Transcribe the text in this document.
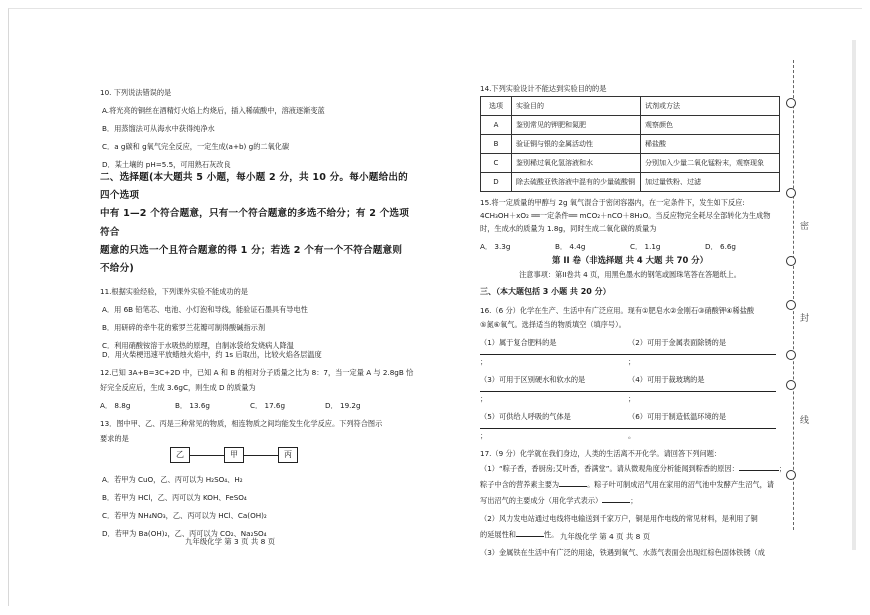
10. 下列说法错误的是
A.将光亮的铜丝在酒精灯火焰上灼烧后，插入稀硫酸中，溶液逐渐变蓝
B．用蒸馏法可从海水中获得纯净水
C．a g碳和 g氧气完全反应，一定生成(a+b) g的二氧化碳
D．某土壤的 pH=5.5，可用熟石灰改良
二、选择题(本大题共 5 小题，每小题 2 分，共 10 分。每小题给出的四个选项
中有 1—2 个符合题意，只有一个符合题意的多选不给分；有 2 个选项符合
题意的只选一个且符合题意的得 1 分；若选 2 个有一个不符合题意则不给分)
11.根据实验经验，下列课外实验不能成功的是
A．用 6B 铅笔芯、电池、小灯泡和导线，能验证石墨具有导电性
B．用研碎的牵牛花的紫罗兰花瓣可制得酸碱指示剂
C．利用硝酸铵溶于水吸热的原理，自制冰袋给发烧病人降温
D．用火柴梗迅速平放蜡烛火焰中，约 1s 后取出，比较火焰各层温度
12.已知 3A+B=3C+2D 中，已知 A 和 B 的相对分子质量之比为 8：7，当一定量 A 与 2.8gB 恰
好完全反应后，生成 3.6gC，则生成 D 的质量为
A． 8.8g	B． 13.6g	C． 17.6g	D． 19.2g
13．图中甲、乙、丙是三种常见的物质，相连物质之间均能发生化学反应。下列符合图示
要求的是
乙	甲	丙
A．若甲为 CuO，乙、丙可以为 H₂SO₄、H₂
B．若甲为 HCl，乙、丙可以为 KOH、FeSO₄
C．若甲为 NH₄NO₃，乙、丙可以为 HCl、Ca(OH)₂
D．若甲为 Ba(OH)₂，乙、丙可以为 CO₂、Na₂SO₄
九年级化学 第 3 页 共 8 页
14.下列实验设计不能达到实验目的的是
选项	实验目的	试剂或方法
A	鉴别常见的钾肥和氮肥	观察颜色
B	验证铜与银的金属活动性	稀盐酸
C	鉴别稀过氧化氢溶液和水	分别加入少量二氧化锰粉末，观察现象
D	除去硫酸亚铁溶液中混有的少量硫酸铜	加过量铁粉、过滤
15.将一定质量的甲醇与 2g 氧气混合于密闭容器内，在一定条件下，发生如下反应:
4CH₃OH＋xO₂ ══一定条件══ mCO₂＋nCO＋8H₂O。当反应物完全耗尽全部转化为生成物
时，生成水的质量为 1.8g，同时生成二氧化碳的质量为
A． 3.3g	B． 4.4g	C． 1.1g	D． 6.6g
第 II 卷（非选择题 共 4 大题 共 70 分）
注意事项：第II卷共 4 页，用黑色墨水的钢笔或圆珠笔答在答题纸上。
三、（本大题包括 3 小题 共 20 分）
16.（6 分）化学在生产、生活中有广泛应用。现有①肥皂水②金刚石③硝酸钾④稀盐酸
⑤氮⑥氧气。选择适当的物质填空（填序号）。
（1）属于复合肥料的是；
（2）可用于金属表面除锈的是；
（3）可用于区别硬水和软水的是；
（4）可用于裁玻璃的是；
（5）可供给人呼吸的气体是；
（6）可用于制造低温环境的是。
17.（9 分）化学就在我们身边，人类的生活离不开化学。请回答下列问题：
（1）“粽子香，香厨房;艾叶香，香满堂”。请从微观角度分析能闻到粽香的原因：	；
粽子中含的营养素主要为	。粽子叶可制成沼气用在家用的沼气池中发酵产生沼气，请
写出沼气的主要成分（用化学式表示）	；
（2）风力发电站通过电线将电输送到千家万户，铜是用作电线的常见材料，是利用了铜
的延展性和	性。
（3）金属铁在生活中有广泛的用途，铁遇到氧气、水蒸气表面会出现红棕色固体铁锈（成
九年级化学 第 4 页 共 8 页
密
封
线
